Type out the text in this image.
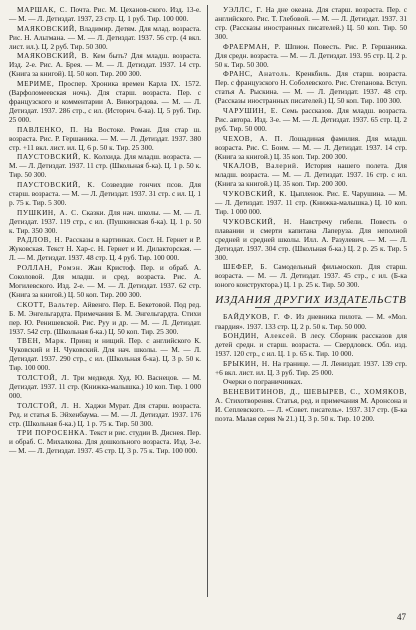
МАРШАК, С. Почта. Рис. М. Цеханов-ского. Изд. 13-е. — М. — Л. Детиздат. 1937, 23 стр. Ц. 1 руб. Тир. 100 000.

МАЯКОВСКИЙ, Владимир. Детям. Для млад. возраста. Рис. Н. Альтмана. — М. — Л. Детиздат. 1937. 56 стр. (4 вкл. лист. ил.). Ц. 2 руб. Тир. 50 300.

МАЯКОВСКИЙ, В. Кем быть? Для младш. возраста. Изд. 2-е. Рис. А. Брея. — М. — Л. Детиздат. 1937. 14 стр. (Книга за книгой). Ц. 50 коп. Тир. 200 300.

МЕРИМЕ, Проспер. Хроника времен Карла IX. 1572. (Варфоломеевская ночь). Для старш. возраста. Пер. с французского и комментарии А. Виноградова. — М. — Л. Детиздат. 1937. 286 стр., с ил. (Историч. б-ка). Ц. 5 руб. Тир. 25 000.

ПАВЛЕНКО, П. На Востоке. Роман. Для стар ш. возраста. Рис. Р. Гершаника. — М. — Л. Детиздат. 1937. 380 стр. +11 вкл. лист. ил. Ц. 6 р. 50 к. Тир. 25 300.

ПАУСТОВСКИЙ, К. Колхида. Для младш. возраста. — М. — Л. Детиздат. 1937. 11 стр. (Школьная б-ка). Ц. 1 р. 50 к. Тир. 50 300.

ПАУСТОВСКИЙ, К. Созвездие гончих псов. Для старш. возраста. — М. — Л. Детиздат. 1937. 31 стр. с ил. Ц. 1 р. 75 к. Тир. 5 300.

ПУШКИН, А. С. Сказки. Для нач. школы. — М. — Л. Детиздат. 1937. 119 стр., с ил. (Пушкинская б-ка). Ц. 1 р. 50 к. Тир. 350 300.

РАДЛОВ, Н. Рассказы в картинках. Сост. Н. Гернет и Р. Жуковская. Текст Н. Хар-с. Н. Гернет и И. Дилакторская. — Л. — М. Детиздат. 1937. 48 стр. Ц. 4 руб. Тир. 100 000.

РОЛЛАН, Ромэн. Жан Кристоф. Пер. и обраб. А. Соколовой. Для младш. и сред. возраста. Рис. А. Могилевского. Изд. 2-е. — М. — Л. Детиздат. 1937. 62 стр. (Книга за книгой.) Ц. 50 коп. Тир. 200 300.

СКОТТ, Вальтер. Айвенго. Пер. Е. Бекетовой. Под ред. Б. М. Энгельгардта. Примечания Б. М. Энгельгардта. Стихи пер. Ю. Ренишевской. Рис. Руу и др. — М. — Л. Детиздат. 1937. 542 стр. (Школьная б-ка.) Ц. 50 коп. Тир. 25 300.

ТВЕН, Марк. Принц и нищий. Пер. с английского К. Чуковский и Н. Чуковский. Для нач. школы. — М. — Л. Детиздат. 1937. 290 стр., с ил. (Школьная б-ка). Ц. 3 р. 50 к. Тир. 100 000.

ТОЛСТОЙ, Л. Три медведя. Худ. Ю. Васнецов. — М. Детиздат. 1937. 11 стр. (Книжка-малышка.) 10 коп. Тир. 1 000 000.

ТОЛСТОЙ, Л. Н. Хаджи Мурат. Для старш. возраста. Ред. и статья Б. Эйхенбаума. — М. — Л. Детиздат. 1937. 176 стр. (Школьная б-ка.) Ц. 1 р. 75 к. Тир. 50 300.

ТРИ ПОРОСЕНКА. Текст и рис. студии В. Диснея. Пер. и обраб. С. Михалкова. Для дошкольного возраста. Изд. 3-е. — М. — Л. Детиздат. 1937. 45 стр. Ц. 3 р. 75 к. Тир. 100 000.

УЭЛЛС, Г. На дне океана. Для старш. возраста. Пер. с английского. Рис. Т. Глебовой. — М. — Л. Детиздат. 1937. 31 стр. (Рассказы иностранных писателей.) Ц. 50 коп. Тир. 50 300.

ФРАЕРМАН, Р. Шпион. Повесть. Рис. Р. Гершаника. Для средн. возраста. — М. — Л. Детиздат. 193. 95 стр. Ц. 2 р. 50 к. Тир. 50 300.

ФРАНС, Анатоль. Кренкбиль. Для старш. возраста. Пер. с французского Н. Соболевского. Рис. Степанова. Вступ. статья А. Рыскина. — М. — Л. Детиздат. 1937. 48 стр. (Рассказы иностранных писателей.) Ц. 50 коп. Тир. 100 300.

ЧАРУШИН, Е. Семь рассказов. Для младш. возраста. Рис. автора. Изд. 3-е. — М. — Л. Детиздат. 1937. 65 стр. Ц. 2 руб. Тир. 50 000.

ЧЕХОВ, А. П. Лошадиная фамилия. Для младш. возраста. Рис. С. Боим. — М. — Л. Детиздат. 1937. 14 стр. (Книга за книгой.) Ц. 35 коп. Тир. 200 300.

ЧКАЛОВ, Валерий. История нашего полета. Для младш. возраста. — М. — Л. Детиздат. 1937. 16 стр. с ил. (Книга за книгой.) Ц. 35 коп. Тир. 200 300.

ЧУКОВСКИЙ, К. Цыпленок. Рис. Е. Чарушина. — М. — Л. Детиздат. 1937. 11 стр. (Книжка-малышка.) Ц. 10 коп. Тир. 1 000 000.

ЧУКОВСКИЙ, Н. Навстречу гибели. Повесть о плавании и смерти капитана Лаперуза. Для неполной средней и средней школы. Илл. А. Разулевич. — М. — Л. Детиздат. 1937. 304 стр. (Школьная б-ка.) Ц. 2 р. 25 к. Тир. 5 300.

ШЕФЕР, Б. Самодельный фильмоскоп. Для старш. возраста. — М. — Л. Детиздат. 1937. 45 стр., с ил. (Б-ка юного конструктора.) Ц. 1 р. 25 к. Тир. 50 300.

ИЗДАНИЯ ДРУГИХ ИЗДАТЕЛЬСТВ

БАЙДУКОВ, Г. Ф. Из дневника пилота. — М. «Мол. гвардия». 1937. 133 стр. Ц. 2 р. 50 к. Тир. 50 000.

БОНДИН, Алексей. В лесу. Сборник рассказов для детей средн. и старш. возраста. — Свердловск. Обл. изд. 1937. 120 стр., с ил. Ц. 1 р. 65 к. Тир. 10 000.

БРЫКИН, Н. На границе. — Л. Лениздат. 1937. 139 стр. +6 вкл. лист. ил. Ц. 3 руб. Тир. 25 000.

Очерки о пограничниках.

ВЕНЕВИТИНОВ, Д., ШЕВЫРЕВ, С., ХОМЯКОВ, А. Стихотворения. Статья, ред. и примечания М. Аронсона и И. Сеплевского. — Л. «Совет. писатель». 1937. 317 стр. (Б-ка поэта. Малая серия № 21.) Ц. 3 р. 50 к. Тир. 10 200.

47
